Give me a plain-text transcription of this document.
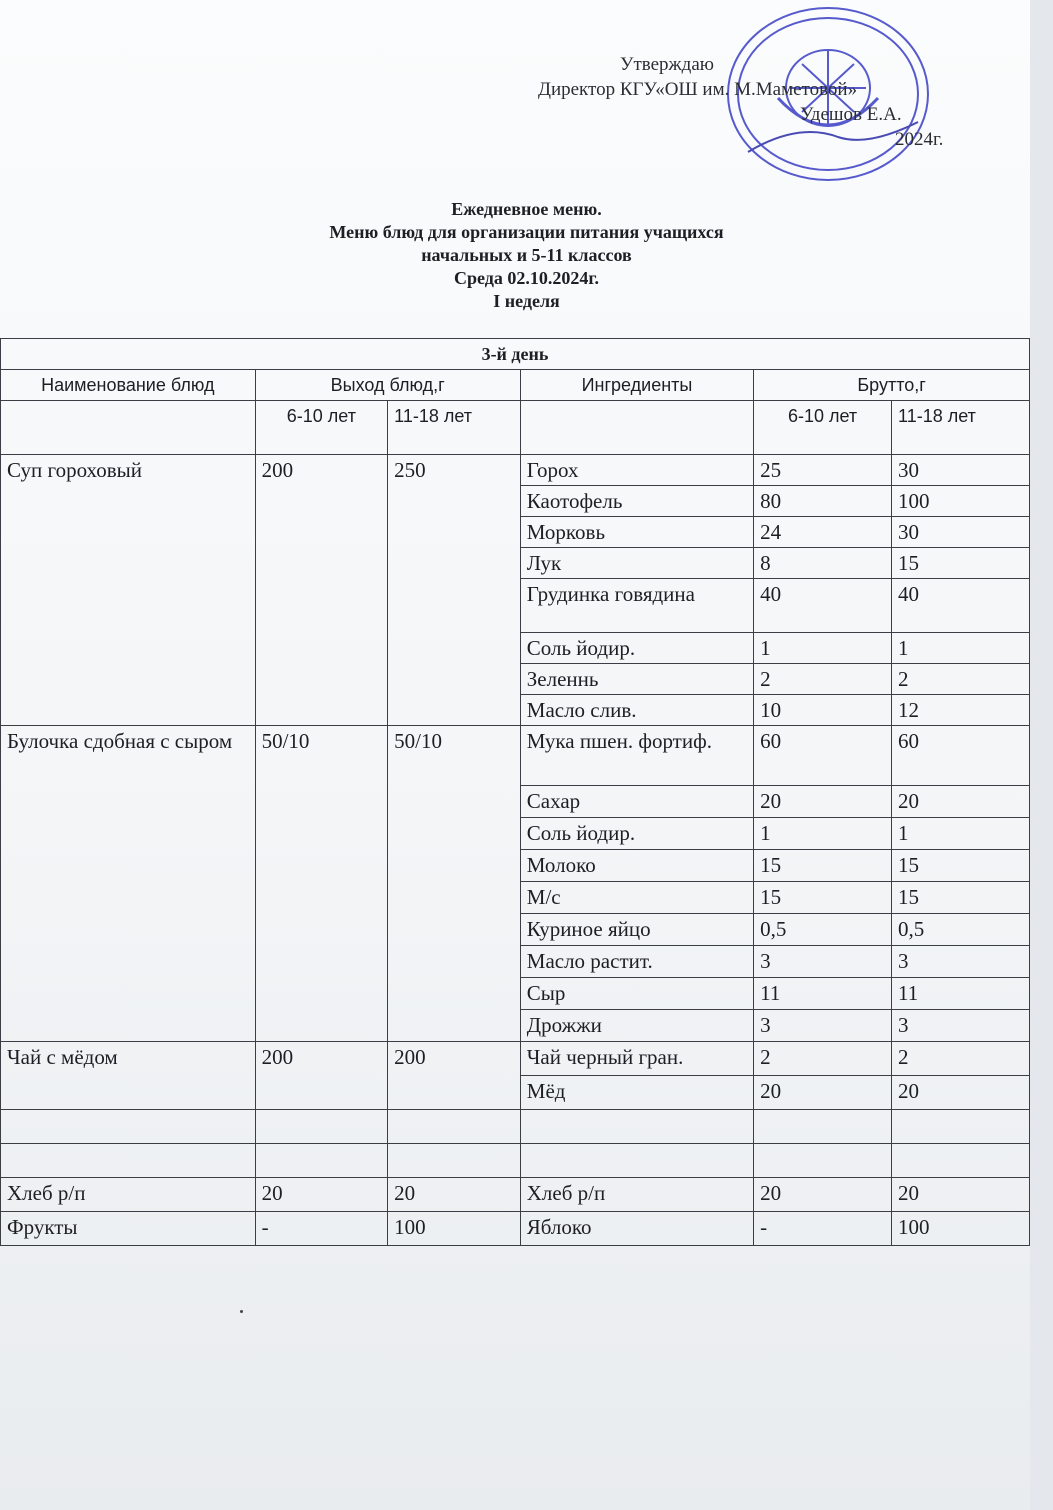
Утверждаю
Директор КГУ«ОШ им. М.Маметовой»
Удешов Е.А.
2024г.
Ежедневное меню.
Меню блюд для организации питания учащихся
начальных и 5-11 классов
Среда 02.10.2024г.
I неделя
3-й день					
Наименование блюд	Выход блюд,г		Ингредиенты	Брутто,г	
	6-10 лет	11-18 лет		6-10 лет	11-18 лет
Суп гороховый	200	250	Горох	25	30
			Каотофель	80	100
			Морковь	24	30
			Лук	8	15
			Грудинка говядина	40	40
			Соль йодир.	1	1
			Зеленнь	2	2
			Масло слив.	10	12
Булочка сдобная с сыром	50/10	50/10	Мука пшен. фортиф.	60	60
			Сахар	20	20
			Соль йодир.	1	1
			Молоко	15	15
			М/с	15	15
			Куриное яйцо	0,5	0,5
			Масло растит.	3	3
			Сыр	11	11
			Дрожжи	3	3
Чай с мёдом	200	200	Чай черный гран.	2	2
			Мёд	20	20

Хлеб р/п	20	20	Хлеб р/п	20	20
Фрукты	-	100	Яблоко	-	100
